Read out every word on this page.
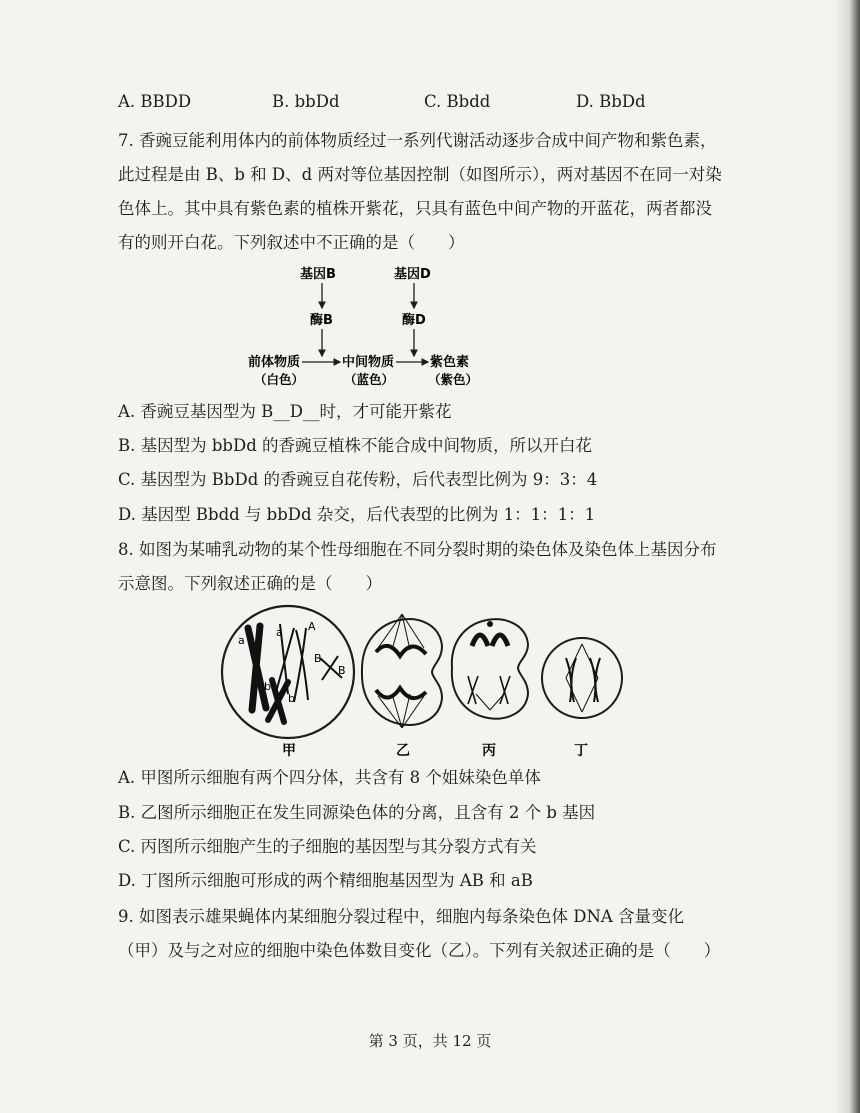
A. BBDD	B. bbDd	C. Bbdd	D. BbDd
7. 香豌豆能利用体内的前体物质经过一系列代谢活动逐步合成中间产物和紫色素，
此过程是由 B、b 和 D、d 两对等位基因控制（如图所示），两对基因不在同一对染
色体上。其中具有紫色素的植株开紫花，只具有蓝色中间产物的开蓝花，两者都没
有的则开白花。下列叙述中不正确的是（　　）
基因B	基因D
酶B	酶D
前体物质	中间物质	紫色素
（白色）	（蓝色）	（紫色）
A. 香豌豆基因型为 B__D__时，才可能开紫花
B. 基因型为 bbDd 的香豌豆植株不能合成中间物质，所以开白花
C. 基因型为 BbDd 的香豌豆自花传粉，后代表型比例为 9：3：4
D. 基因型 Bbdd 与 bbDd 杂交，后代表型的比例为 1：1：1：1
8. 如图为某哺乳动物的某个性母细胞在不同分裂时期的染色体及染色体上基因分布
示意图。下列叙述正确的是（　　）
a
a A
B
B
b
b
甲	乙	丙	丁
A. 甲图所示细胞有两个四分体，共含有 8 个姐妹染色单体
B. 乙图所示细胞正在发生同源染色体的分离，且含有 2 个 b 基因
C. 丙图所示细胞产生的子细胞的基因型与其分裂方式有关
D. 丁图所示细胞可形成的两个精细胞基因型为 AB 和 aB
9. 如图表示雄果蝇体内某细胞分裂过程中，细胞内每条染色体 DNA 含量变化
（甲）及与之对应的细胞中染色体数目变化（乙）。下列有关叙述正确的是（　　）
第 3 页，共 12 页
